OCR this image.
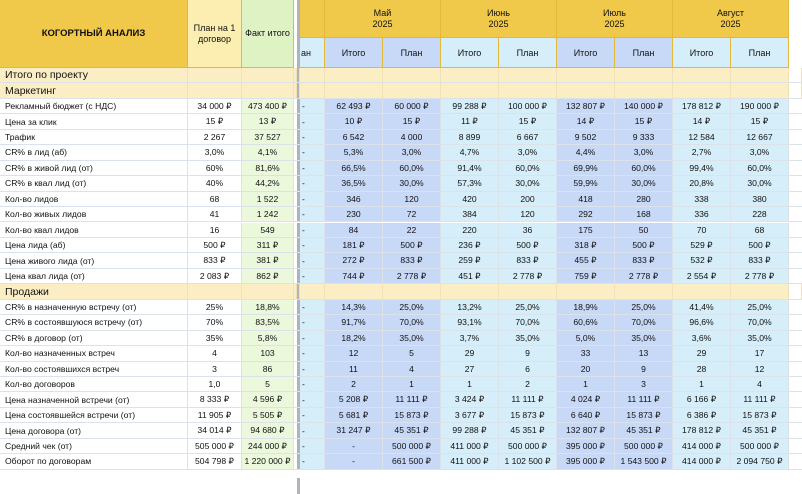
КОГОРТНЫЙ АНАЛИЗ
План на 1 договор
Факт итого
ан
Май
2025
Итого	План
Июнь
2025
Итого	План
Июль
2025
Итого	План
Август
2025
Итого	План
Итого по проекту
Маркетинг
Рекламный бюджет (с НДС)	34 000 ₽	473 400 ₽	-	62 493 ₽	60 000 ₽	99 288 ₽	100 000 ₽	132 807 ₽	140 000 ₽	178 812 ₽	190 000 ₽
Цена за клик	15 ₽	13 ₽	-	10 ₽	15 ₽	11 ₽	15 ₽	14 ₽	15 ₽	14 ₽	15 ₽
Трафик	2 267	37 527	-	6 542	4 000	8 899	6 667	9 502	9 333	12 584	12 667
CR% в лид (аб)	3,0%	4,1%	-	5,3%	3,0%	4,7%	3,0%	4,4%	3,0%	2,7%	3,0%
CR% в живой лид (от)	60%	81,6%	-	66,5%	60,0%	91,4%	60,0%	69,9%	60,0%	99,4%	60,0%
CR% в квал лид (от)	40%	44,2%	-	36,5%	30,0%	57,3%	30,0%	59,9%	30,0%	20,8%	30,0%
Кол-во лидов	68	1 522	-	346	120	420	200	418	280	338	380
Кол-во живых лидов	41	1 242	-	230	72	384	120	292	168	336	228
Кол-во квал лидов	16	549	-	84	22	220	36	175	50	70	68
Цена лида (аб)	500 ₽	311 ₽	-	181 ₽	500 ₽	236 ₽	500 ₽	318 ₽	500 ₽	529 ₽	500 ₽
Цена живого лида (от)	833 ₽	381 ₽	-	272 ₽	833 ₽	259 ₽	833 ₽	455 ₽	833 ₽	532 ₽	833 ₽
Цена квал лида (от)	2 083 ₽	862 ₽	-	744 ₽	2 778 ₽	451 ₽	2 778 ₽	759 ₽	2 778 ₽	2 554 ₽	2 778 ₽
Продажи
CR% в назначенную встречу (от)	25%	18,8%	-	14,3%	25,0%	13,2%	25,0%	18,9%	25,0%	41,4%	25,0%
CR% в состоявшуюся встречу (от)	70%	83,5%	-	91,7%	70,0%	93,1%	70,0%	60,6%	70,0%	96,6%	70,0%
CR% в договор (от)	35%	5,8%	-	18,2%	35,0%	3,7%	35,0%	5,0%	35,0%	3,6%	35,0%
Кол-во назначенных встреч	4	103	-	12	5	29	9	33	13	29	17
Кол-во состоявшихся встреч	3	86	-	11	4	27	6	20	9	28	12
Кол-во договоров	1,0	5	-	2	1	1	2	1	3	1	4
Цена назначенной встречи (от)	8 333 ₽	4 596 ₽	-	5 208 ₽	11 111 ₽	3 424 ₽	11 111 ₽	4 024 ₽	11 111 ₽	6 166 ₽	11 111 ₽
Цена состоявшейся встречи (от)	11 905 ₽	5 505 ₽	-	5 681 ₽	15 873 ₽	3 677 ₽	15 873 ₽	6 640 ₽	15 873 ₽	6 386 ₽	15 873 ₽
Цена договора (от)	34 014 ₽	94 680 ₽	-	31 247 ₽	45 351 ₽	99 288 ₽	45 351 ₽	132 807 ₽	45 351 ₽	178 812 ₽	45 351 ₽
Средний чек (от)	505 000 ₽	244 000 ₽	-	-	500 000 ₽	411 000 ₽	500 000 ₽	395 000 ₽	500 000 ₽	414 000 ₽	500 000 ₽
Оборот по договорам	504 798 ₽	1 220 000 ₽	-	-	661 500 ₽	411 000 ₽	1 102 500 ₽	395 000 ₽	1 543 500 ₽	414 000 ₽	2 094 750 ₽
